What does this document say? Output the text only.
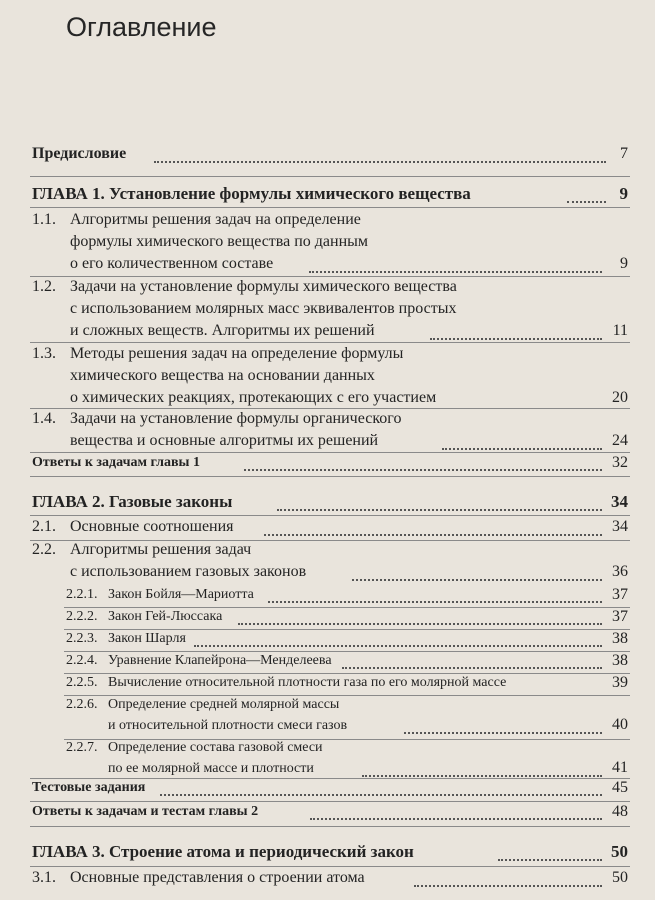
Оглавление
Предисловие	7
ГЛАВА 1. Установление формулы химического вещества	9
1.1. Алгоритмы решения задач на определение
формулы химического вещества по данным
о его количественном составе	9
1.2. Задачи на установление формулы химического вещества
с использованием молярных масс эквивалентов простых
и сложных веществ. Алгоритмы их решений	11
1.3. Методы решения задач на определение формулы
химического вещества на основании данных
о химических реакциях, протекающих с его участием	20
1.4. Задачи на установление формулы органического
вещества и основные алгоритмы их решений	24
Ответы к задачам главы 1	32
ГЛАВА 2. Газовые законы	34
2.1. Основные соотношения	34
2.2. Алгоритмы решения задач
с использованием газовых законов	36
2.2.1. Закон Бойля—Мариотта	37
2.2.2. Закон Гей-Люссака	37
2.2.3. Закон Шарля	38
2.2.4. Уравнение Клапейрона—Менделеева	38
2.2.5. Вычисление относительной плотности газа по его молярной массе	39
2.2.6. Определение средней молярной массы
и относительной плотности смеси газов	40
2.2.7. Определение состава газовой смеси
по ее молярной массе и плотности	41
Тестовые задания	45
Ответы к задачам и тестам главы 2	48
ГЛАВА 3. Строение атома и периодический закон	50
3.1. Основные представления о строении атома	50
